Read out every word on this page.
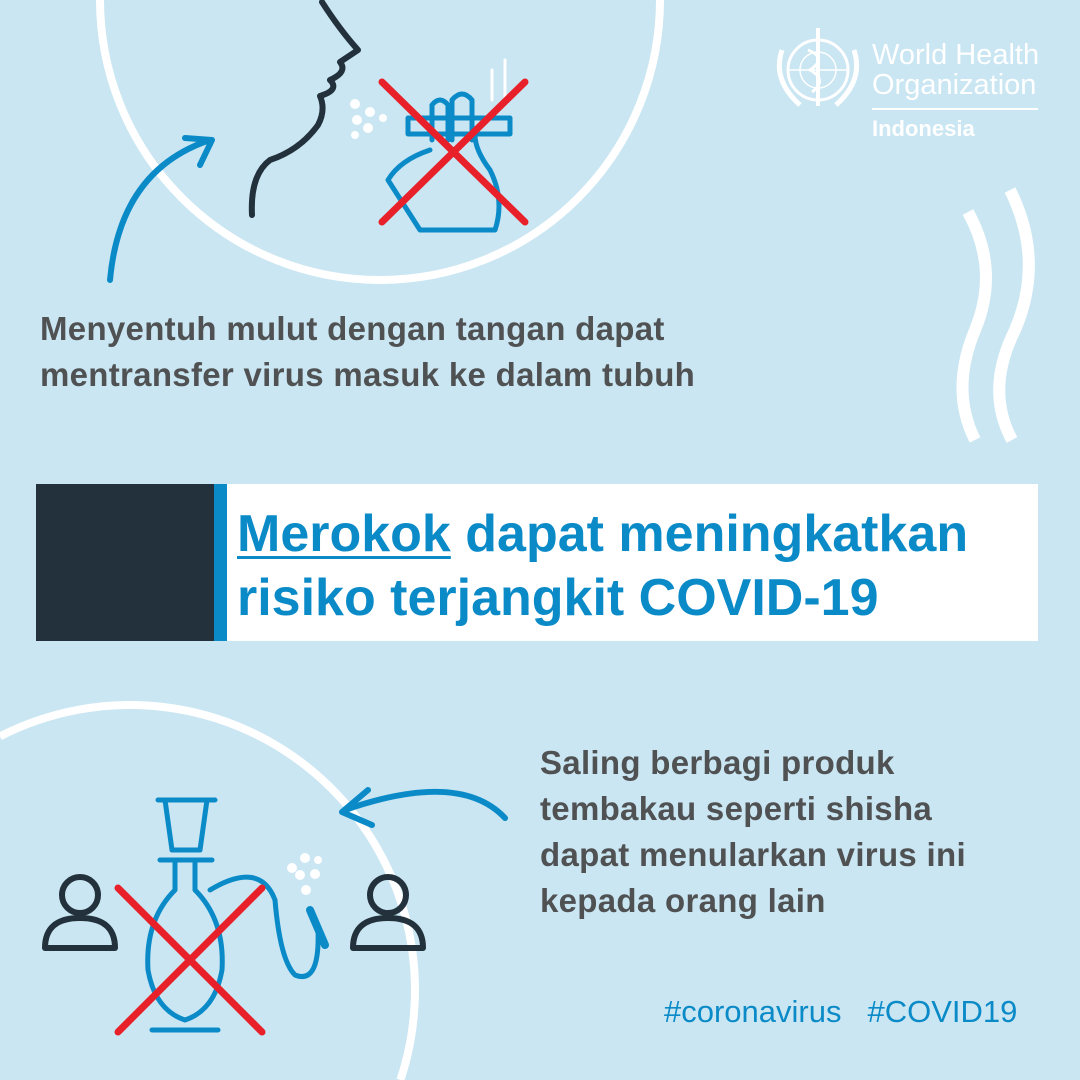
World Health
Organization
Indonesia
Menyentuh mulut dengan tangan dapat
mentransfer virus masuk ke dalam tubuh
Merokok dapat meningkatkan
risiko terjangkit COVID-19
Saling berbagi produk
tembakau seperti shisha
dapat menularkan virus ini
kepada orang lain
#coronavirus #COVID19
